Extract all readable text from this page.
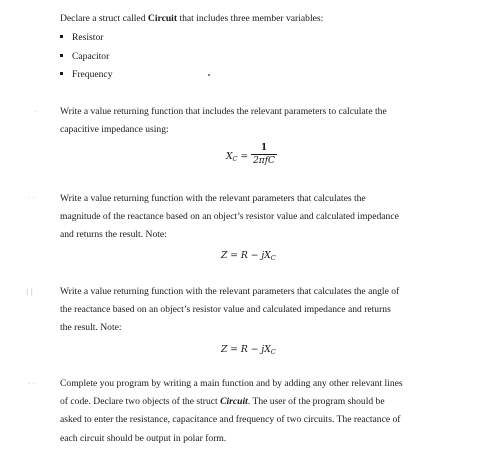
Declare a struct called Circuit that includes three member variables:
Resistor
Capacitor
Frequency
Write a value returning function that includes the relevant parameters to calculate the
capacitive impedance using:
$X_C$ =
1
2πfC
Write a value returning function with the relevant parameters that calculates the
magnitude of the reactance based on an object’s resistor value and calculated impedance
and returns the result. Note:
$Z = R - jX_C$
Write a value returning function with the relevant parameters that calculates the angle of
the reactance based on an object’s resistor value and calculated impedance and returns
the result. Note:
$Z = R - jX_C$
Complete you program by writing a main function and by adding any other relevant lines
of code. Declare two objects of the struct Circuit. The user of the program should be
asked to enter the resistance, capacitance and frequency of two circuits. The reactance of
each circuit should be output in polar form.
·
· ·
| |
· ·
